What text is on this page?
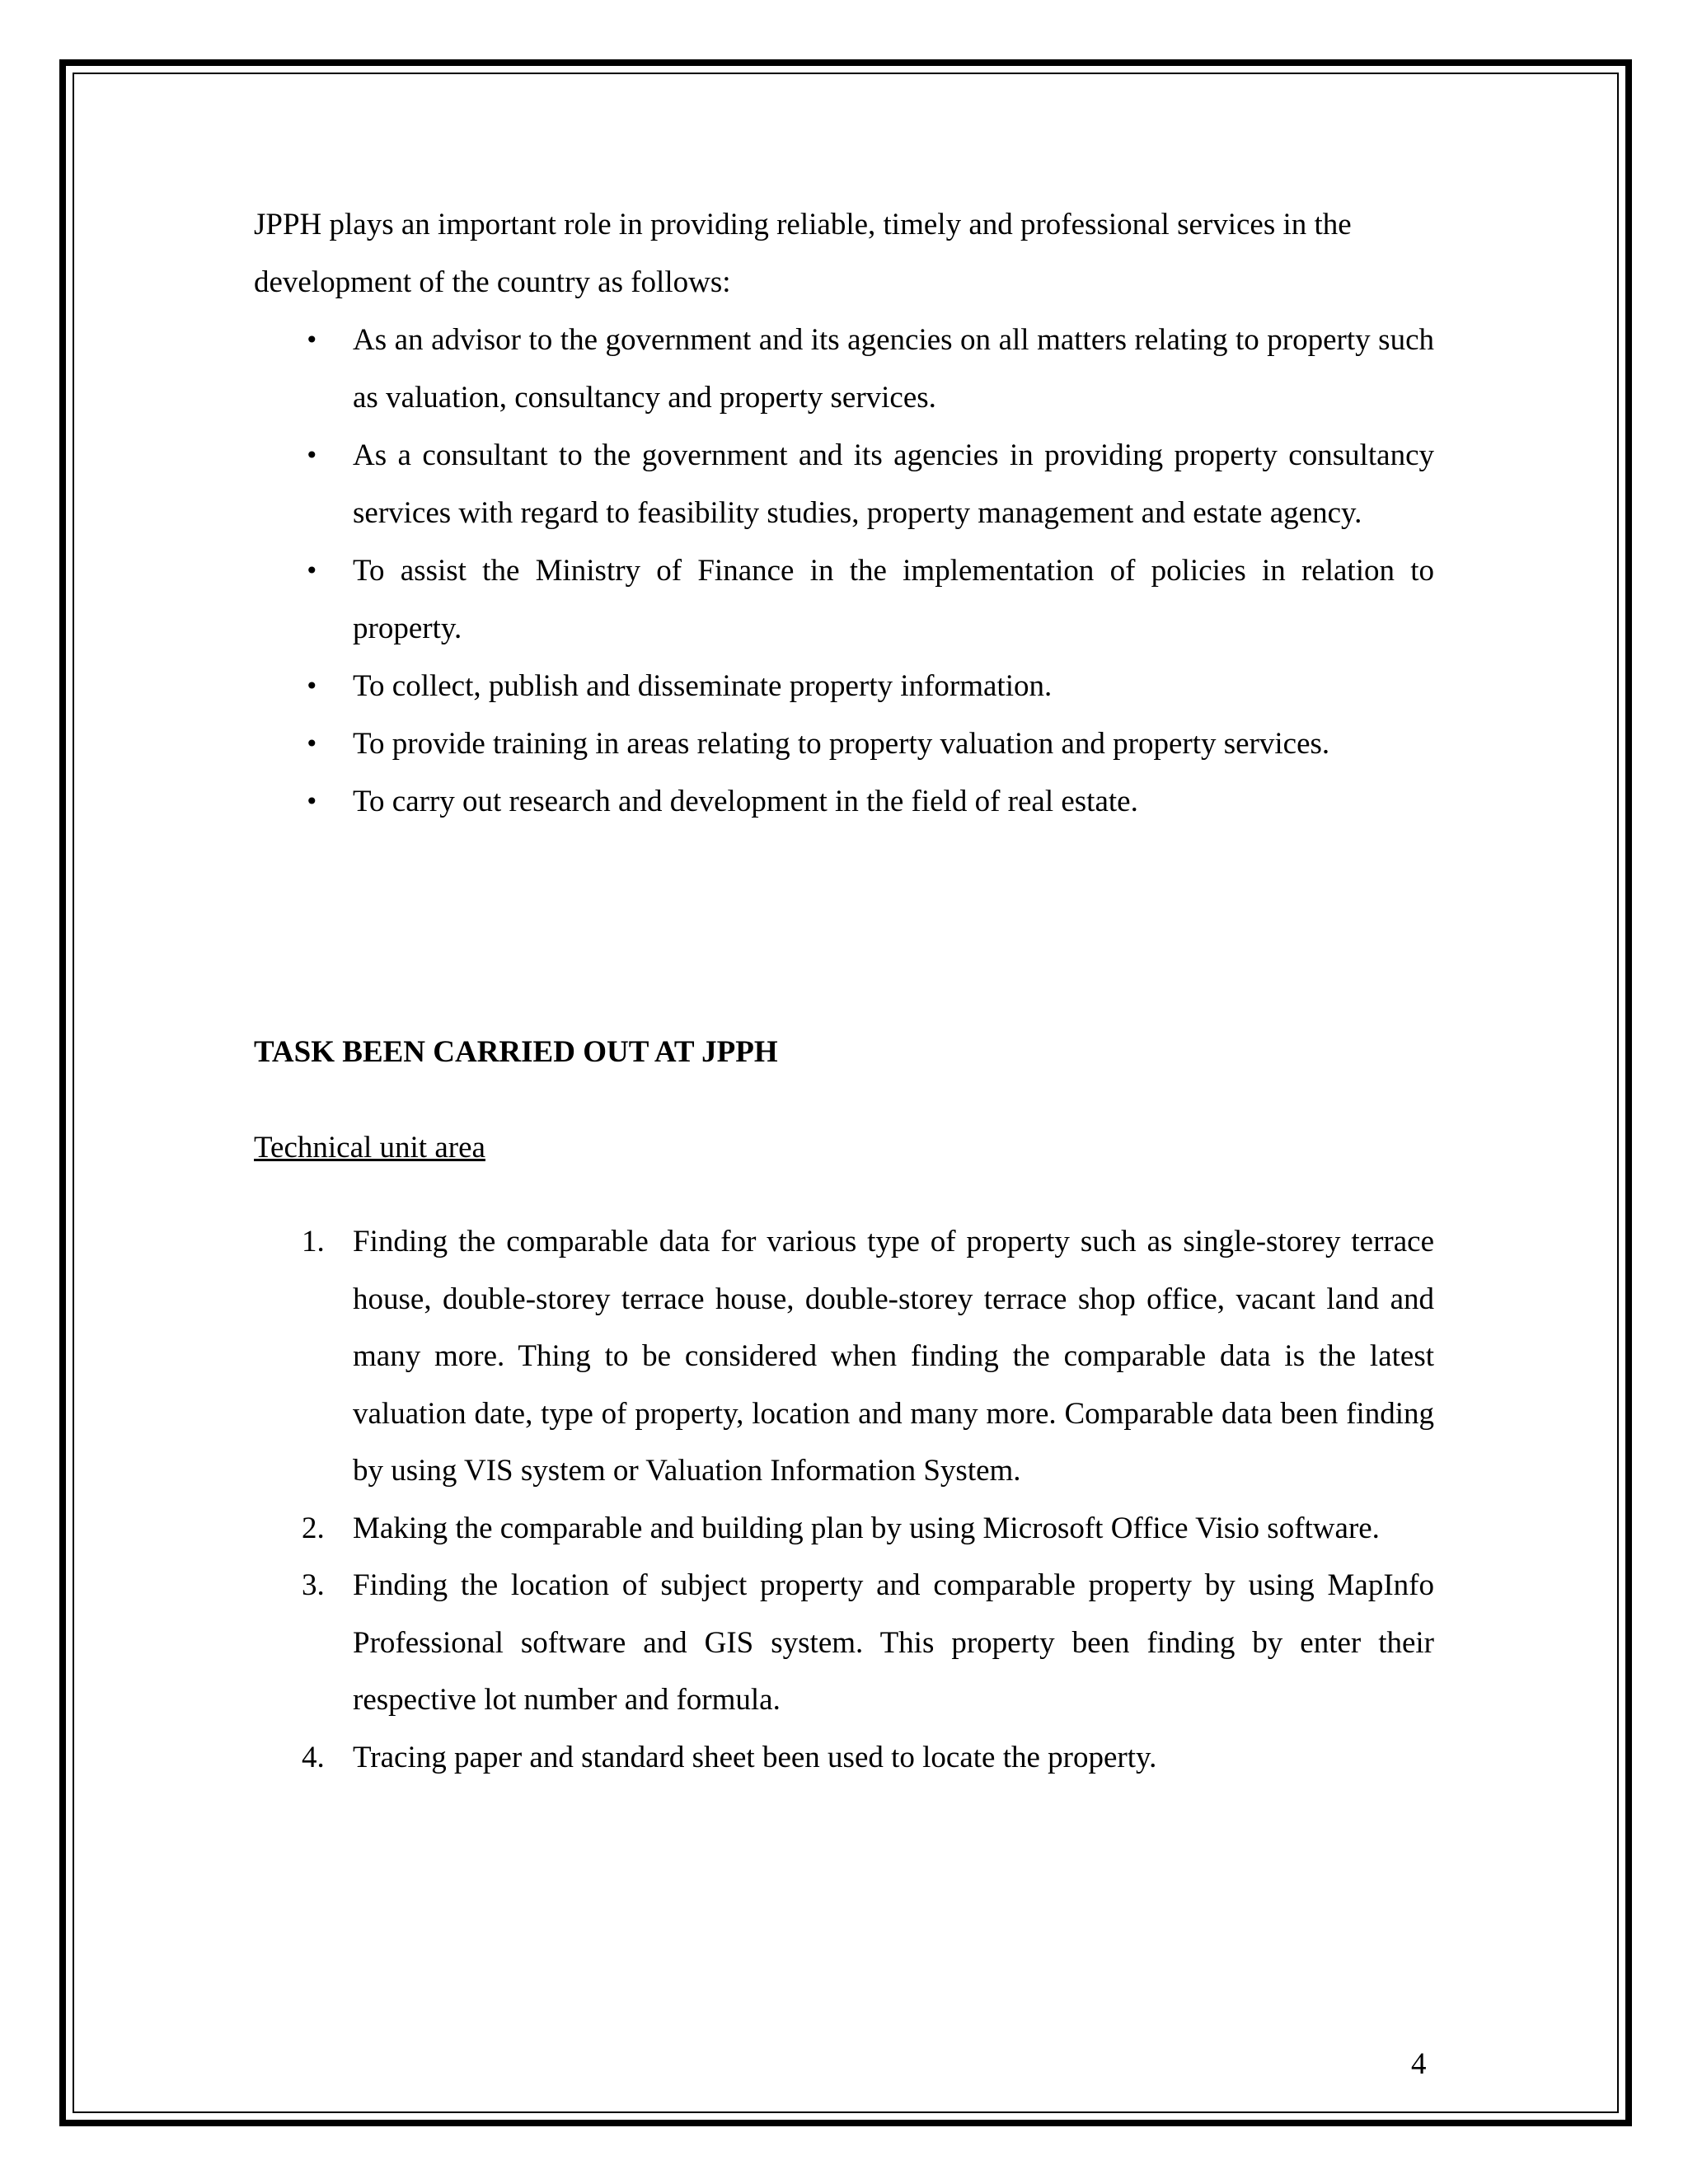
JPPH plays an important role in providing reliable, timely and professional services in the development of the country as follows:

• As an advisor to the government and its agencies on all matters relating to property such as valuation, consultancy and property services.
• As a consultant to the government and its agencies in providing property consultancy services with regard to feasibility studies, property management and estate agency.
• To assist the Ministry of Finance in the implementation of policies in relation to property.
• To collect, publish and disseminate property information.
• To provide training in areas relating to property valuation and property services.
• To carry out research and development in the field of real estate.
TASK BEEN CARRIED OUT AT JPPH
Technical unit area
1. Finding the comparable data for various type of property such as single-storey terrace house, double-storey terrace house, double-storey terrace shop office, vacant land and many more. Thing to be considered when finding the comparable data is the latest valuation date, type of property, location and many more. Comparable data been finding by using VIS system or Valuation Information System.
2. Making the comparable and building plan by using Microsoft Office Visio software.
3. Finding the location of subject property and comparable property by using MapInfo Professional software and GIS system. This property been finding by enter their respective lot number and formula.
4. Tracing paper and standard sheet been used to locate the property.
4
